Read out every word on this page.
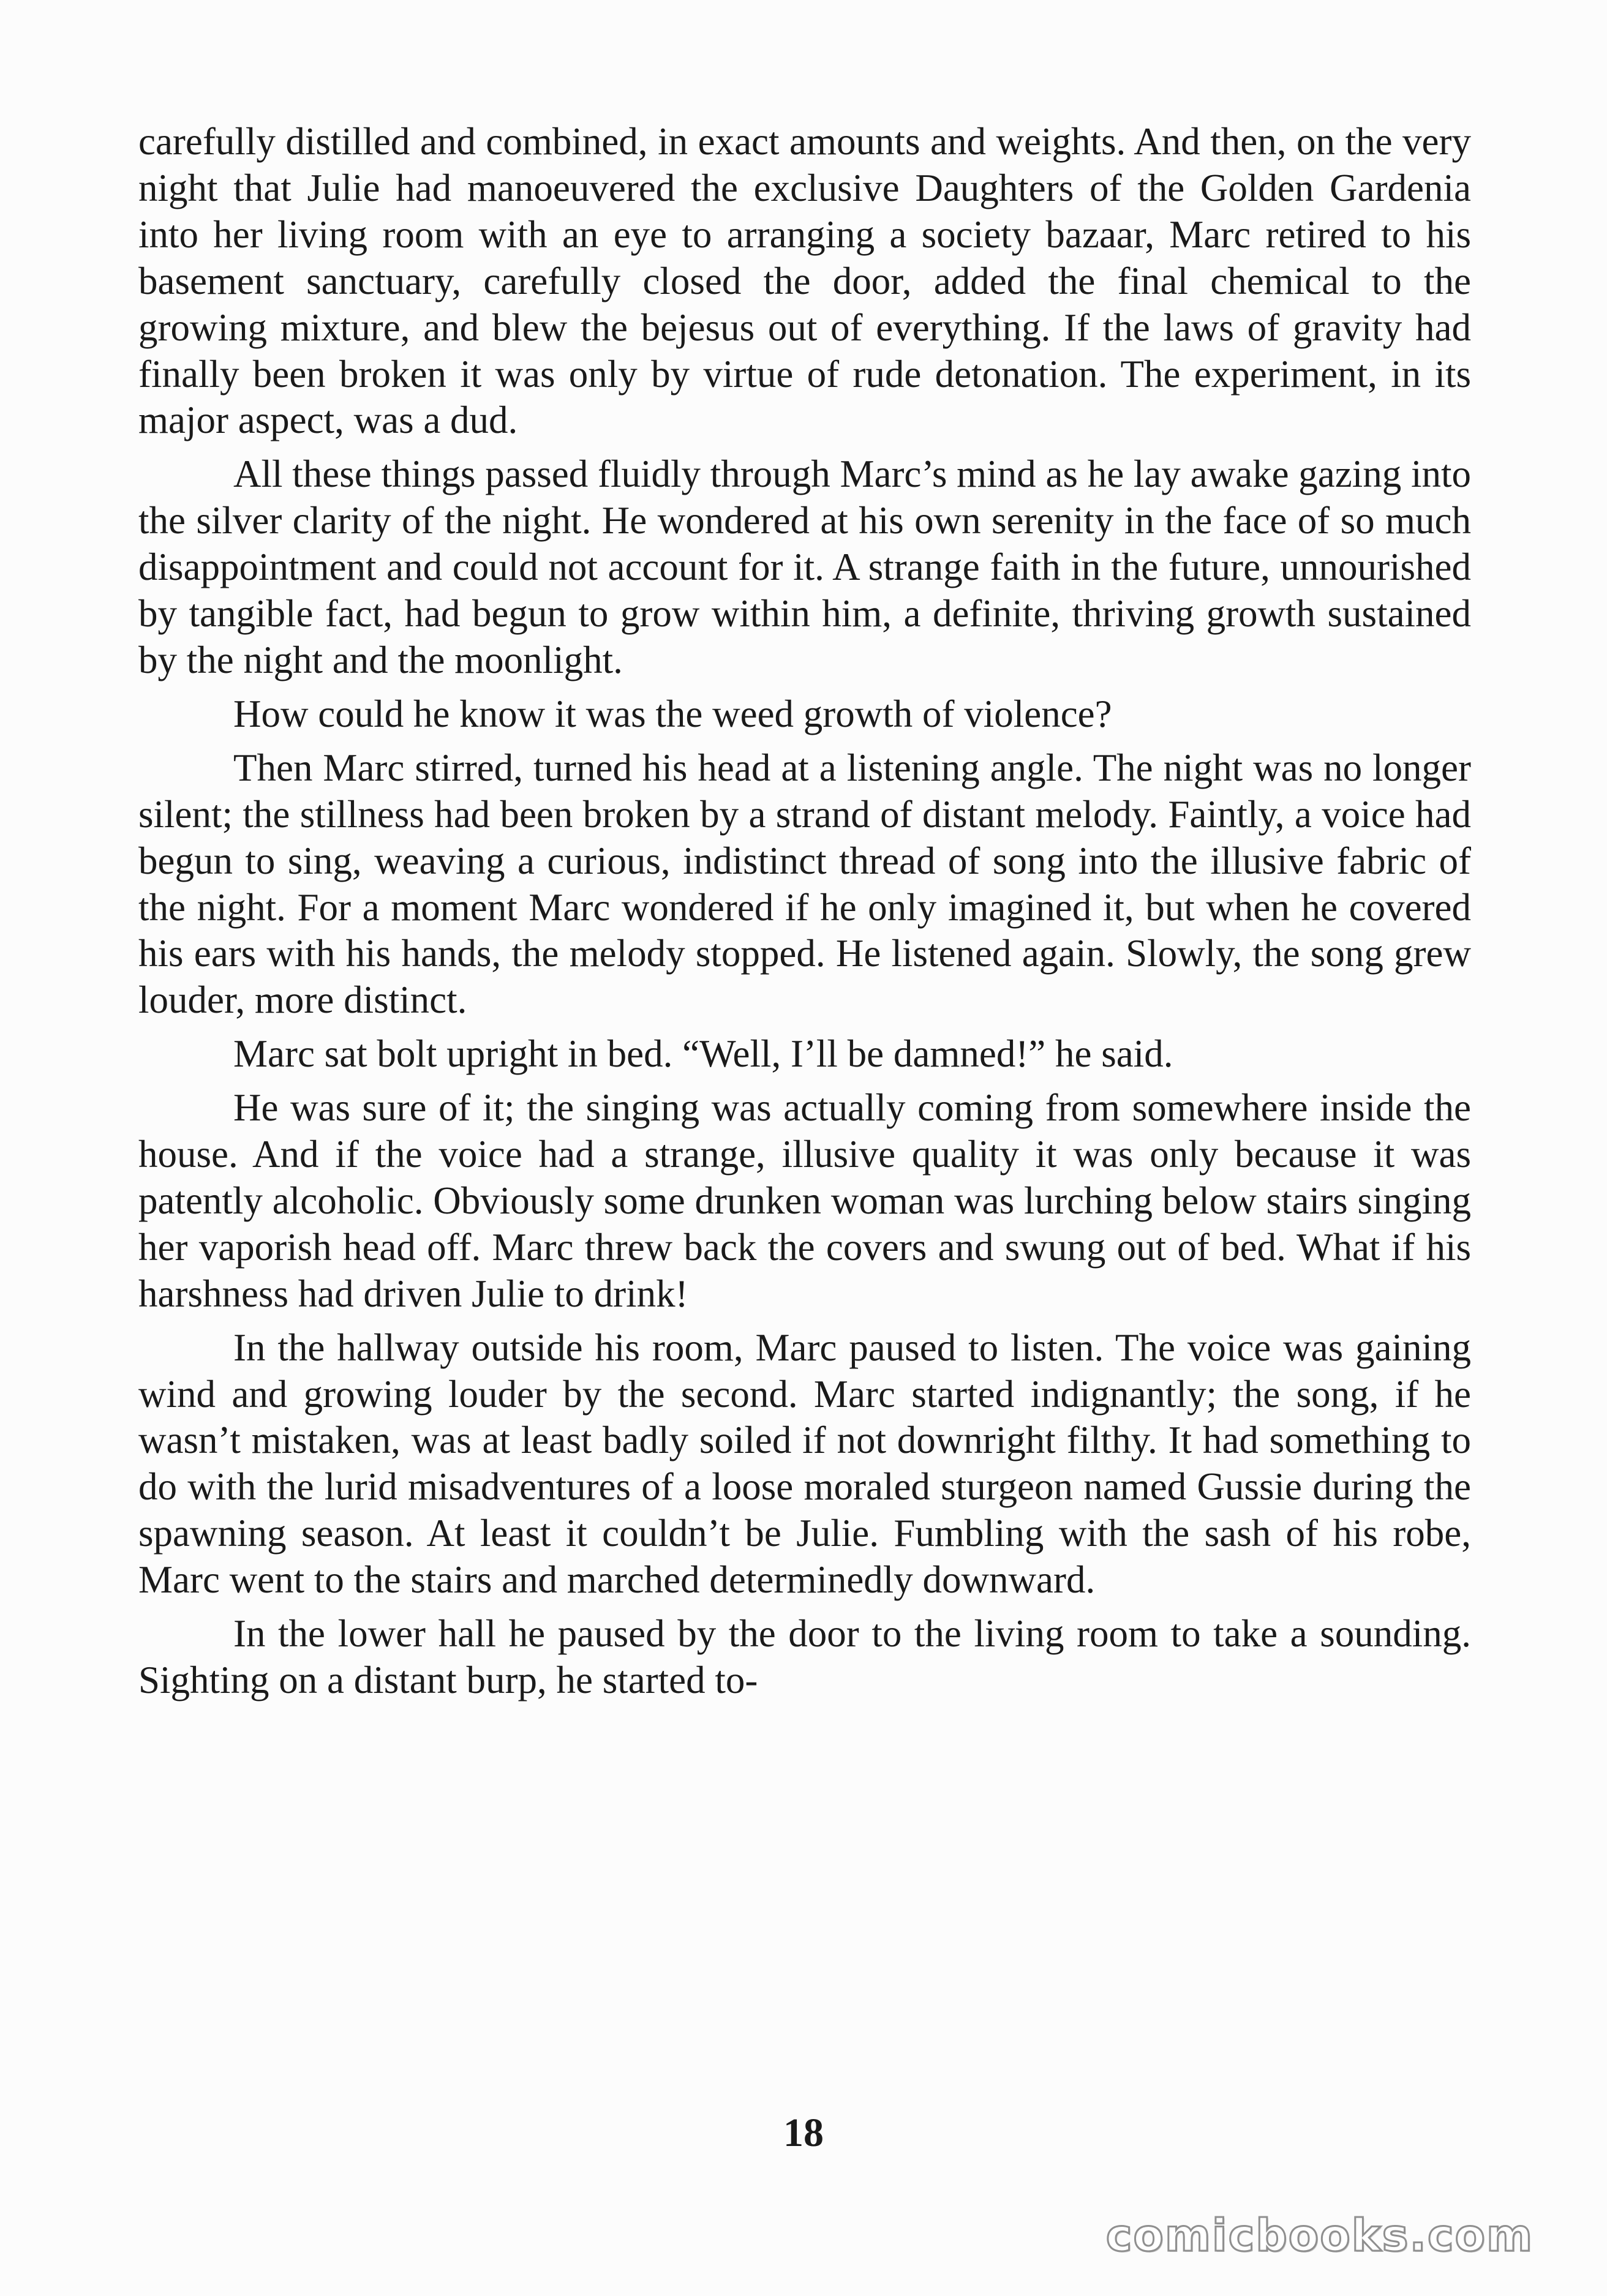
carefully distilled and combined, in exact amounts and weights. And then, on the very night that Julie had manoeuvered the exclusive Daughters of the Golden Gardenia into her living room with an eye to arranging a society bazaar, Marc retired to his basement sanctuary, carefully closed the door, added the final chemical to the growing mixture, and blew the bejesus out of everything. If the laws of gravity had finally been broken it was only by virtue of rude detonation. The experiment, in its major aspect, was a dud.

All these things passed fluidly through Marc’s mind as he lay awake gazing into the silver clarity of the night. He wondered at his own serenity in the face of so much disappointment and could not account for it. A strange faith in the future, unnourished by tangible fact, had begun to grow within him, a definite, thriving growth sustained by the night and the moonlight.

How could he know it was the weed growth of violence?

Then Marc stirred, turned his head at a listening angle. The night was no longer silent; the stillness had been broken by a strand of distant melody. Faintly, a voice had begun to sing, weaving a curious, indistinct thread of song into the illusive fabric of the night. For a moment Marc wondered if he only imagined it, but when he covered his ears with his hands, the melody stopped. He listened again. Slowly, the song grew louder, more distinct.

Marc sat bolt upright in bed. “Well, I’ll be damned!” he said.

He was sure of it; the singing was actually coming from somewhere inside the house. And if the voice had a strange, illusive quality it was only because it was patently alcoholic. Obviously some drunken woman was lurching below stairs singing her vaporish head off. Marc threw back the covers and swung out of bed. What if his harshness had driven Julie to drink!

In the hallway outside his room, Marc paused to listen. The voice was gaining wind and growing louder by the second. Marc started indignantly; the song, if he wasn’t mistaken, was at least badly soiled if not downright filthy. It had something to do with the lurid misadventures of a loose moraled sturgeon named Gussie during the spawning season. At least it couldn’t be Julie. Fumbling with the sash of his robe, Marc went to the stairs and marched determinedly downward.

In the lower hall he paused by the door to the living room to take a sounding. Sighting on a distant burp, he started to-

18
comicbooks.com
